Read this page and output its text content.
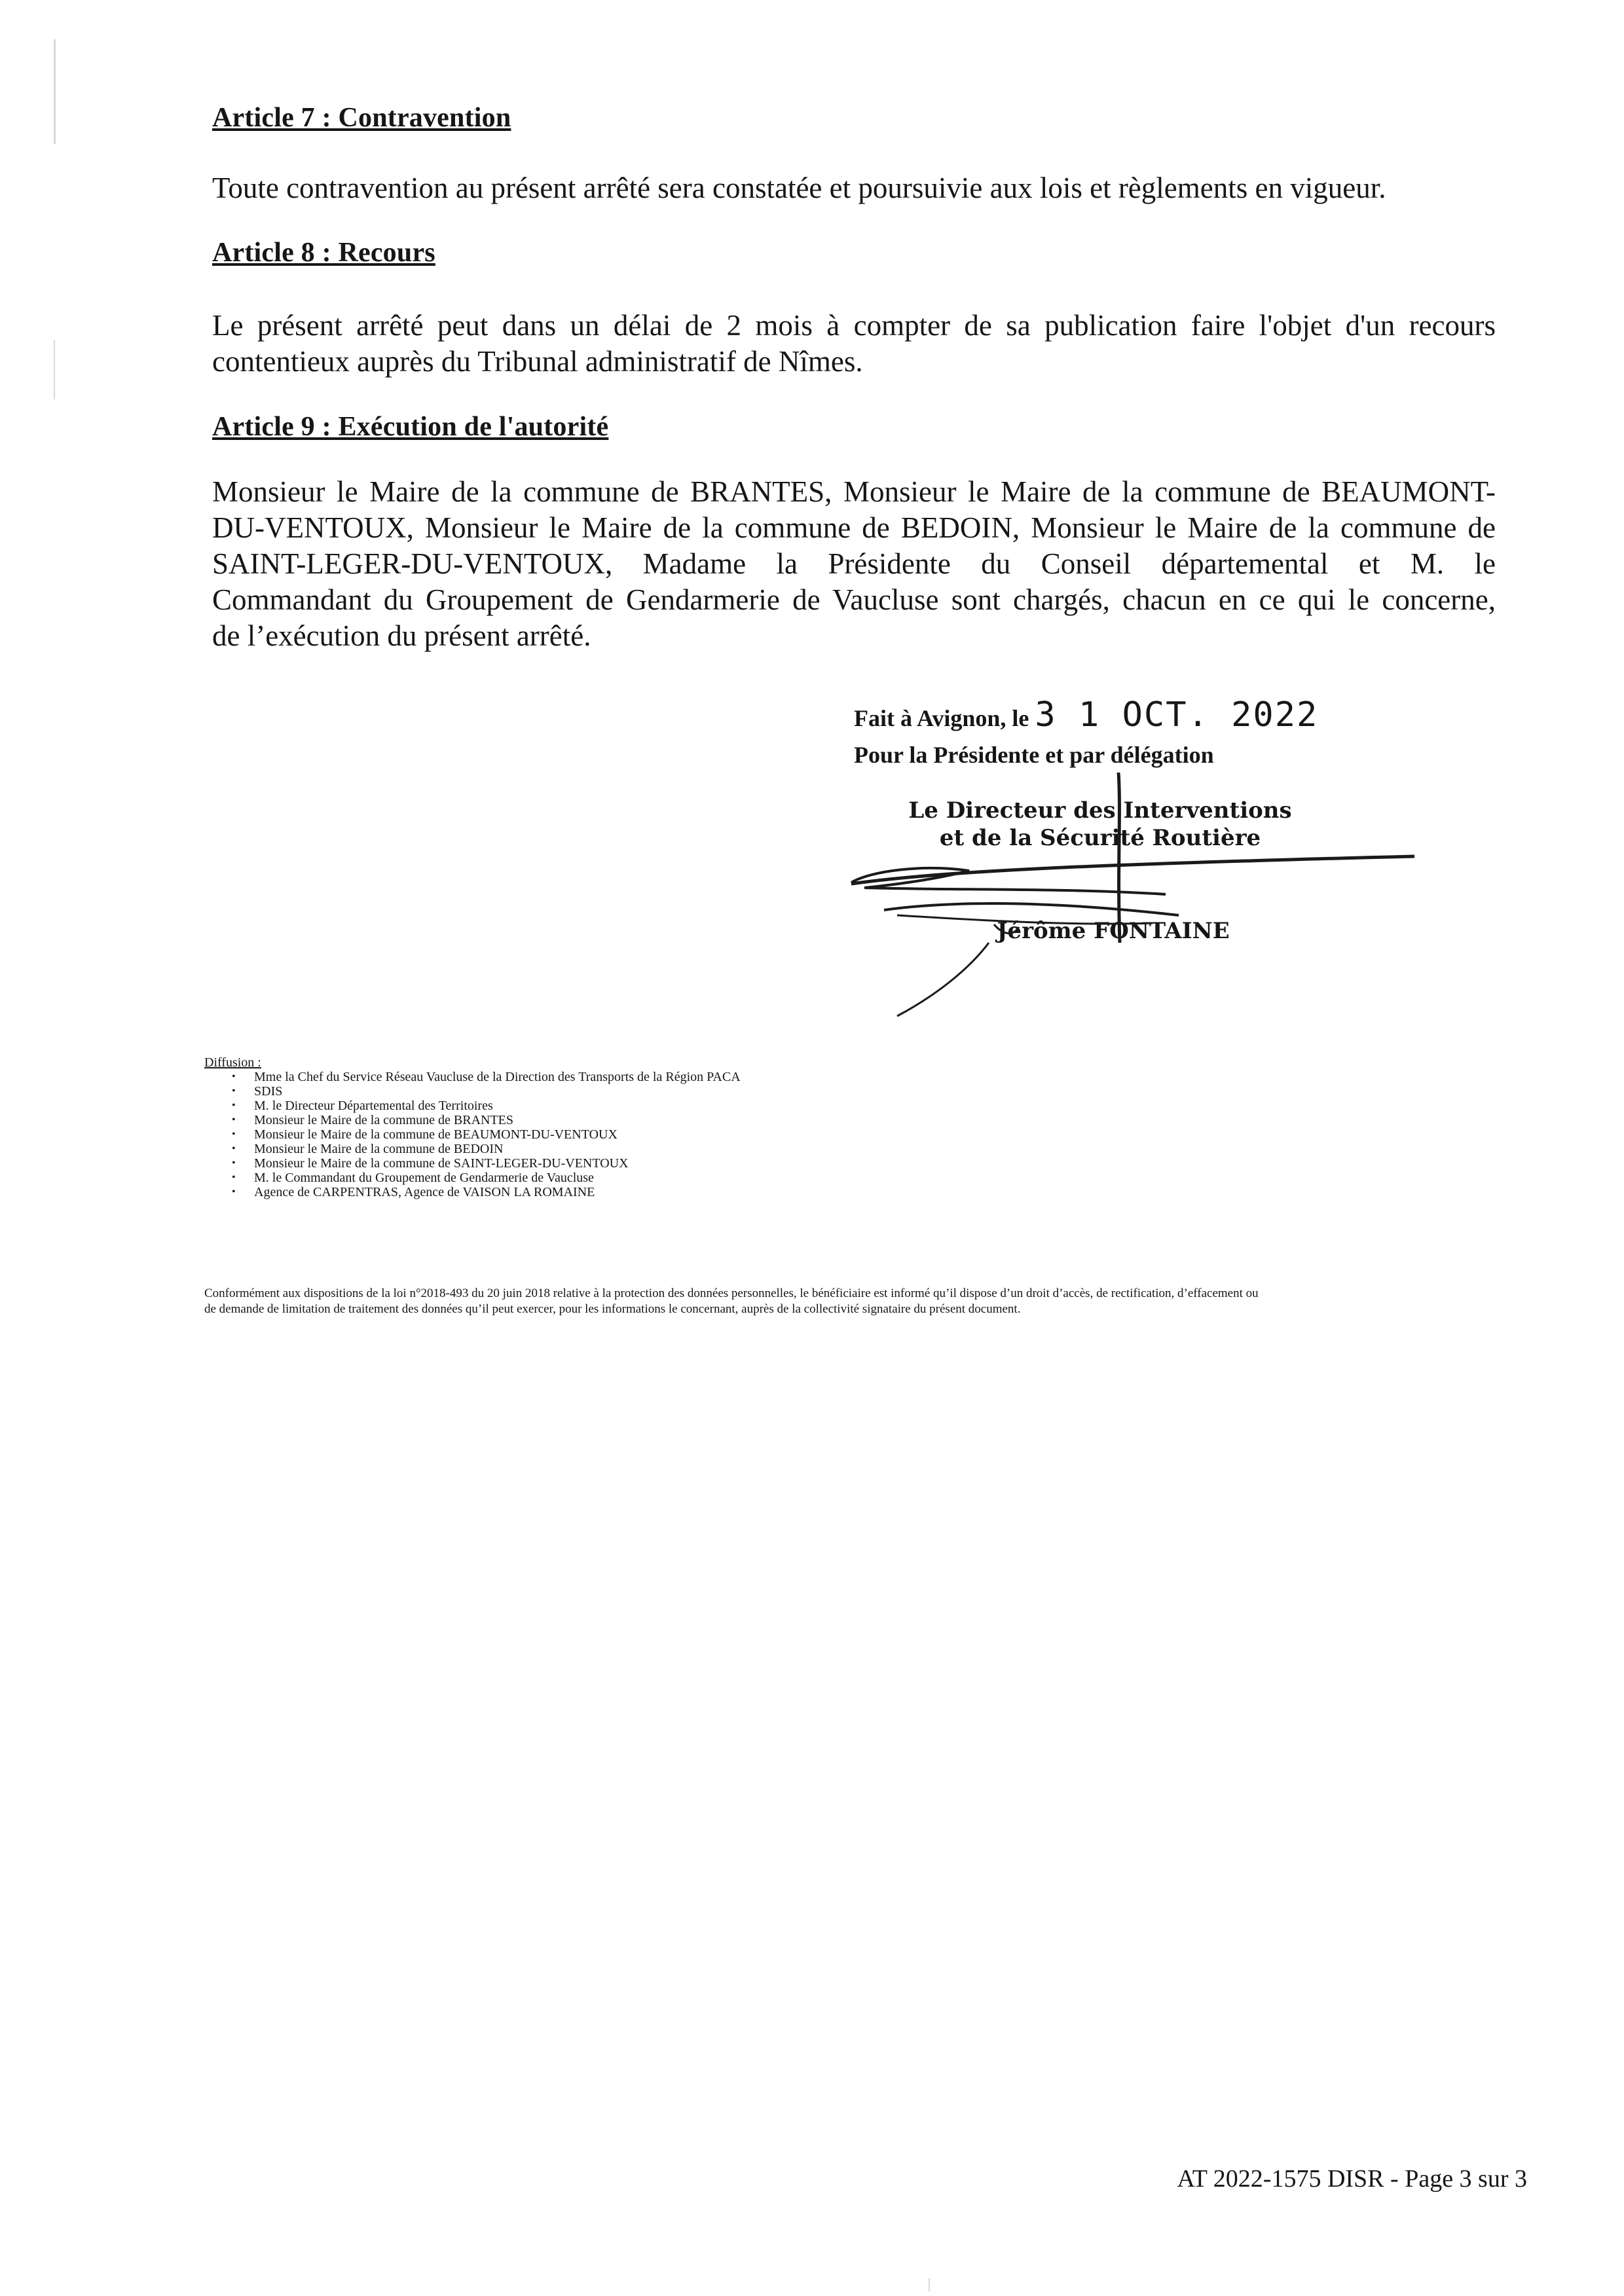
Article 7 : Contravention

Toute contravention au présent arrêté sera constatée et poursuivie aux lois et règlements en vigueur.

Article 8 : Recours

Le présent arrêté peut dans un délai de 2 mois à compter de sa publication faire l'objet d'un recours
contentieux auprès du Tribunal administratif de Nîmes.

Article 9 : Exécution de l'autorité

Monsieur le Maire de la commune de BRANTES, Monsieur le Maire de la commune de BEAUMONT-
DU-VENTOUX, Monsieur le Maire de la commune de BEDOIN, Monsieur le Maire de la commune de
SAINT-LEGER-DU-VENTOUX, Madame la Présidente du Conseil départemental et M. le
Commandant du Groupement de Gendarmerie de Vaucluse sont chargés, chacun en ce qui le concerne,
de l’exécution du présent arrêté.

Fait à Avignon, le 3 1 OCT. 2022
Pour la Présidente et par délégation
Le Directeur des Interventions
et de la Sécurité Routière
Jérôme FONTAINE
Diffusion :
• Mme la Chef du Service Réseau Vaucluse de la Direction des Transports de la Région PACA
• SDIS
• M. le Directeur Départemental des Territoires
• Monsieur le Maire de la commune de BRANTES
• Monsieur le Maire de la commune de BEAUMONT-DU-VENTOUX
• Monsieur le Maire de la commune de BEDOIN
• Monsieur le Maire de la commune de SAINT-LEGER-DU-VENTOUX
• M. le Commandant du Groupement de Gendarmerie de Vaucluse
• Agence de CARPENTRAS, Agence de VAISON LA ROMAINE
Conformément aux dispositions de la loi n°2018-493 du 20 juin 2018 relative à la protection des données personnelles, le bénéficiaire est informé qu’il dispose d’un droit d’accès, de rectification, d’effacement ou
de demande de limitation de traitement des données qu’il peut exercer, pour les informations le concernant, auprès de la collectivité signataire du présent document.
AT 2022-1575 DISR - Page 3 sur 3
